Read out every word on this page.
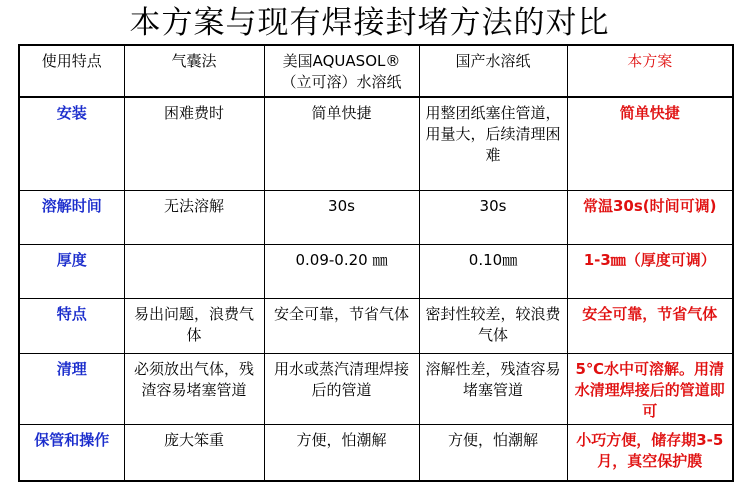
本方案与现有焊接封堵方法的对比
使用特点	气囊法	美国AQUASOL®（立可溶）水溶纸	国产水溶纸	本方案
安装	困难费时	简单快捷	用整团纸塞住管道，用量大，后续清理困难	简单快捷
溶解时间	无法溶解	30s	30s	常温30s(时间可调)
厚度		0.09-0.20 ㎜	0.10㎜	1-3㎜（厚度可调）
特点	易出问题，浪费气体	安全可靠，节省气体	密封性较差，较浪费气体	安全可靠，节省气体
清理	必须放出气体，残渣容易堵塞管道	用水或蒸汽清理焊接后的管道	溶解性差，残渣容易堵塞管道	5℃水中可溶解。用清水清理焊接后的管道即可
保管和操作	庞大笨重	方便，怕潮解	方便，怕潮解	小巧方便，储存期3-5月，真空保护膜
